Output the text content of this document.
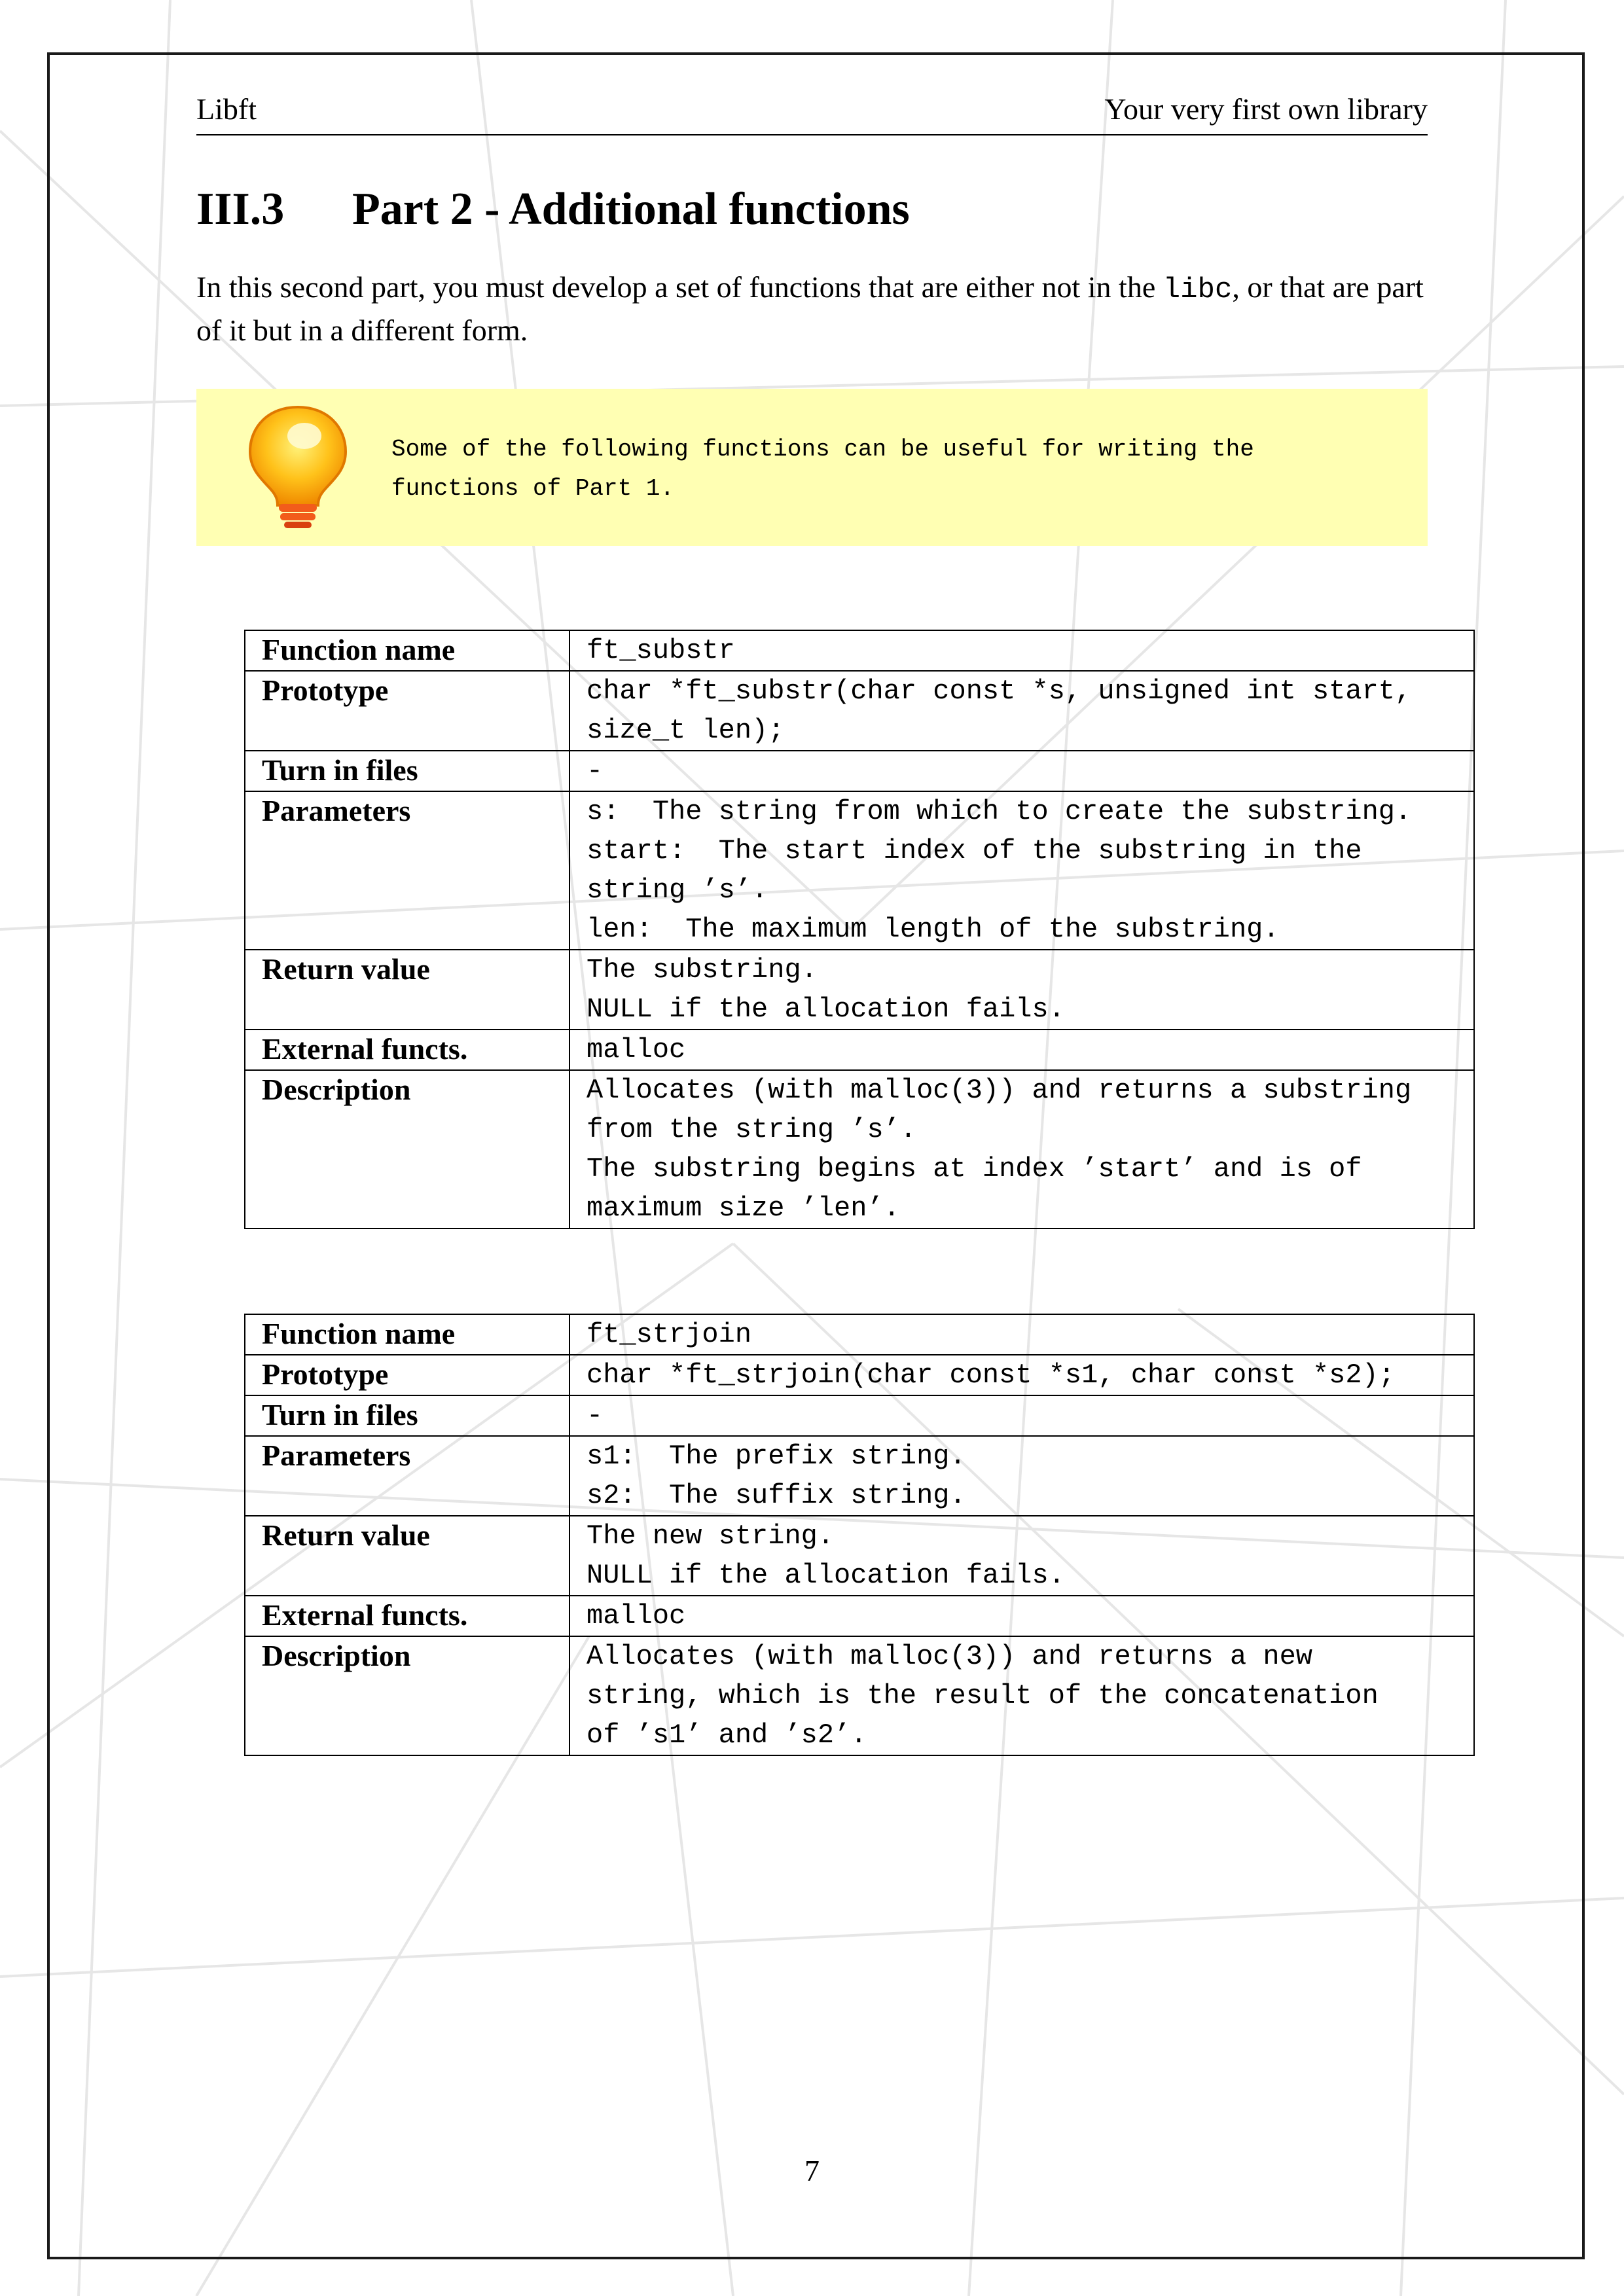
Libft	Your very first own library
III.3 Part 2 - Additional functions
In this second part, you must develop a set of functions that are either not in the libc, or that are part of it but in a different form.
Some of the following functions can be useful for writing the
functions of Part 1.
Function name	ft_substr
Prototype	char *ft_substr(char const *s, unsigned int start,
size_t len);
Turn in files	-
Parameters	s:  The string from which to create the substring.
start:  The start index of the substring in the
string ’s’.
len:  The maximum length of the substring.
Return value	The substring.
NULL if the allocation fails.
External functs.	malloc
Description	Allocates (with malloc(3)) and returns a substring
from the string ’s’.
The substring begins at index ’start’ and is of
maximum size ’len’.
Function name	ft_strjoin
Prototype	char *ft_strjoin(char const *s1, char const *s2);
Turn in files	-
Parameters	s1:  The prefix string.
s2:  The suffix string.
Return value	The new string.
NULL if the allocation fails.
External functs.	malloc
Description	Allocates (with malloc(3)) and returns a new
string, which is the result of the concatenation
of ’s1’ and ’s2’.
7
